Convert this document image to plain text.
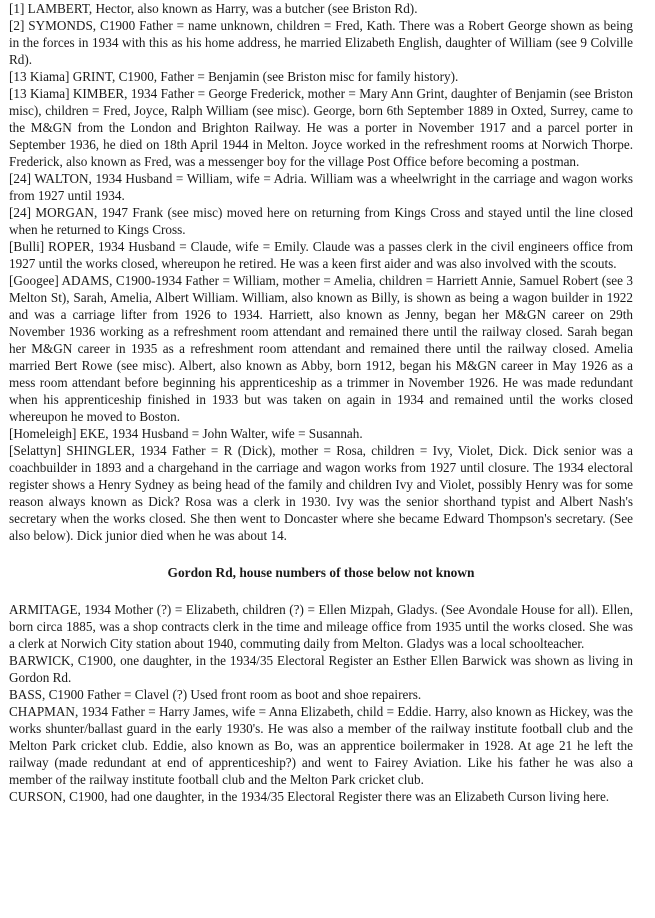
[1] LAMBERT, Hector, also known as Harry, was a butcher (see Briston Rd).

[2] SYMONDS, C1900 Father = name unknown, children = Fred, Kath. There was a Robert George shown as being in the forces in 1934 with this as his home address, he married Elizabeth English, daughter of William (see 9 Colville Rd).

[13 Kiama] GRINT, C1900, Father = Benjamin (see Briston misc for family history).

[13 Kiama] KIMBER, 1934 Father = George Frederick, mother = Mary Ann Grint, daughter of Benjamin (see Briston misc), children = Fred, Joyce, Ralph William (see misc). George, born 6th September 1889 in Oxted, Surrey, came to the M&GN from the London and Brighton Railway. He was a porter in November 1917 and a parcel porter in September 1936, he died on 18th April 1944 in Melton. Joyce worked in the refreshment rooms at Norwich Thorpe. Frederick, also known as Fred, was a messenger boy for the village Post Office before becoming a postman.

[24] WALTON, 1934 Husband = William, wife = Adria. William was a wheelwright in the carriage and wagon works from 1927 until 1934.

[24] MORGAN, 1947 Frank (see misc) moved here on returning from Kings Cross and stayed until the line closed when he returned to Kings Cross.

[Bulli] ROPER, 1934 Husband = Claude, wife = Emily. Claude was a passes clerk in the civil engineers office from 1927 until the works closed, whereupon he retired. He was a keen first aider and was also involved with the scouts.

[Googee] ADAMS, C1900-1934 Father = William, mother = Amelia, children = Harriett Annie, Samuel Robert (see 3 Melton St), Sarah, Amelia, Albert William. William, also known as Billy, is shown as being a wagon builder in 1922 and was a carriage lifter from 1926 to 1934. Harriett, also known as Jenny, began her M&GN career on 29th November 1936 working as a refreshment room attendant and remained there until the railway closed. Sarah began her M&GN career in 1935 as a refreshment room attendant and remained there until the railway closed. Amelia married Bert Rowe (see misc). Albert, also known as Abby, born 1912, began his M&GN career in May 1926 as a mess room attendant before beginning his apprenticeship as a trimmer in November 1926. He was made redundant when his apprenticeship finished in 1933 but was taken on again in 1934 and remained until the works closed whereupon he moved to Boston.

[Homeleigh] EKE, 1934 Husband = John Walter, wife = Susannah.

[Selattyn] SHINGLER, 1934 Father = R (Dick), mother = Rosa, children = Ivy, Violet, Dick. Dick senior was a coachbuilder in 1893 and a chargehand in the carriage and wagon works from 1927 until closure. The 1934 electoral register shows a Henry Sydney as being head of the family and children Ivy and Violet, possibly Henry was for some reason always known as Dick? Rosa was a clerk in 1930. Ivy was the senior shorthand typist and Albert Nash's secretary when the works closed. She then went to Doncaster where she became Edward Thompson's secretary. (See also below). Dick junior died when he was about 14.

Gordon Rd, house numbers of those below not known

ARMITAGE, 1934 Mother (?) = Elizabeth, children (?) = Ellen Mizpah, Gladys. (See Avondale House for all). Ellen, born circa 1885, was a shop contracts clerk in the time and mileage office from 1935 until the works closed. She was a clerk at Norwich City station about 1940, commuting daily from Melton. Gladys was a local schoolteacher.

BARWICK, C1900, one daughter, in the 1934/35 Electoral Register an Esther Ellen Barwick was shown as living in Gordon Rd.

BASS, C1900 Father = Clavel (?) Used front room as boot and shoe repairers.

CHAPMAN, 1934 Father = Harry James, wife = Anna Elizabeth, child = Eddie. Harry, also known as Hickey, was the works shunter/ballast guard in the early 1930's. He was also a member of the railway institute football club and the Melton Park cricket club. Eddie, also known as Bo, was an apprentice boilermaker in 1928. At age 21 he left the railway (made redundant at end of apprenticeship?) and went to Fairey Aviation. Like his father he was also a member of the railway institute football club and the Melton Park cricket club.

CURSON, C1900, had one daughter, in the 1934/35 Electoral Register there was an Elizabeth Curson living here.
